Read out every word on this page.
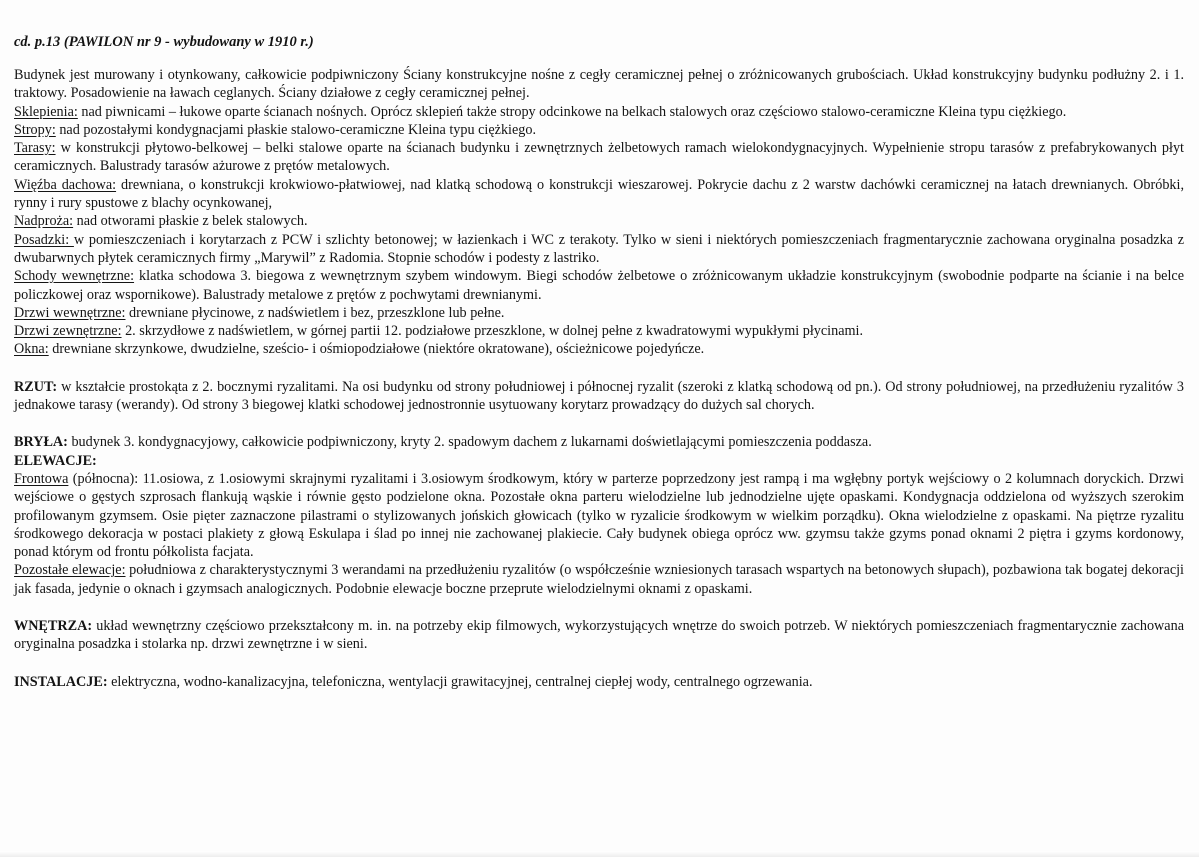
cd. p.13 (PAWILON nr 9 - wybudowany w 1910 r.)

Budynek jest murowany i otynkowany, całkowicie podpiwniczony Ściany konstrukcyjne nośne z cegły ceramicznej pełnej o zróżnicowanych grubościach. Układ konstrukcyjny budynku podłużny 2. i 1. traktowy. Posadowienie na ławach ceglanych. Ściany działowe z cegły ceramicznej pełnej.

Sklepienia: nad piwnicami – łukowe oparte ścianach nośnych. Oprócz sklepień także stropy odcinkowe na belkach stalowych oraz częściowo stalowo-ceramiczne Kleina typu ciężkiego.

Stropy: nad pozostałymi kondygnacjami płaskie stalowo-ceramiczne Kleina typu ciężkiego.

Tarasy: w konstrukcji płytowo-belkowej – belki stalowe oparte na ścianach budynku i zewnętrznych żelbetowych ramach wielokondygnacyjnych. Wypełnienie stropu tarasów z prefabrykowanych płyt ceramicznych. Balustrady tarasów ażurowe z prętów metalowych.

Więźba dachowa: drewniana, o konstrukcji krokwiowo-płatwiowej, nad klatką schodową o konstrukcji wieszarowej. Pokrycie dachu z 2 warstw dachówki ceramicznej na łatach drewnianych. Obróbki, rynny i rury spustowe z blachy ocynkowanej,

Nadproża: nad otworami płaskie z belek stalowych.

Posadzki: w pomieszczeniach i korytarzach z PCW i szlichty betonowej; w łazienkach i WC z terakoty. Tylko w sieni i niektórych pomieszczeniach fragmentarycznie zachowana oryginalna posadzka z dwubarwnych płytek ceramicznych firmy „Marywil” z Radomia. Stopnie schodów i podesty z lastriko.

Schody wewnętrzne: klatka schodowa 3. biegowa z wewnętrznym szybem windowym. Biegi schodów żelbetowe o zróżnicowanym układzie konstrukcyjnym (swobodnie podparte na ścianie i na belce policzkowej oraz wspornikowe). Balustrady metalowe z prętów z pochwytami drewnianymi.

Drzwi wewnętrzne: drewniane płycinowe, z nadświetlem i bez, przeszklone lub pełne.

Drzwi zewnętrzne: 2. skrzydłowe z nadświetlem, w górnej partii 12. podziałowe przeszklone, w dolnej pełne z kwadratowymi wypukłymi płycinami.

Okna: drewniane skrzynkowe, dwudzielne, sześcio- i ośmiopodziałowe (niektóre okratowane), ościeżnicowe pojedyńcze.

RZUT: w kształcie prostokąta z 2. bocznymi ryzalitami. Na osi budynku od strony południowej i północnej ryzalit (szeroki z klatką schodową od pn.). Od strony południowej, na przedłużeniu ryzalitów 3 jednakowe tarasy (werandy). Od strony 3 biegowej klatki schodowej jednostronnie usytuowany korytarz prowadzący do dużych sal chorych.

BRYŁA: budynek 3. kondygnacyjowy, całkowicie podpiwniczony, kryty 2. spadowym dachem z lukarnami doświetlającymi pomieszczenia poddasza.

ELEWACJE:

Frontowa (północna): 11.osiowa, z 1.osiowymi skrajnymi ryzalitami i 3.osiowym środkowym, który w parterze poprzedzony jest rampą i ma wgłębny portyk wejściowy o 2 kolumnach doryckich. Drzwi wejściowe o gęstych szprosach flankują wąskie i równie gęsto podzielone okna. Pozostałe okna parteru wielodzielne lub jednodzielne ujęte opaskami. Kondygnacja oddzielona od wyższych szerokim profilowanym gzymsem. Osie pięter zaznaczone pilastrami o stylizowanych jońskich głowicach (tylko w ryzalicie środkowym w wielkim porządku). Okna wielodzielne z opaskami. Na piętrze ryzalitu środkowego dekoracja w postaci plakiety z głową Eskulapa i ślad po innej nie zachowanej plakiecie. Cały budynek obiega oprócz ww. gzymsu także gzyms ponad oknami 2 piętra i gzyms kordonowy, ponad którym od frontu półkolista facjata.

Pozostałe elewacje: południowa z charakterystycznymi 3 werandami na przedłużeniu ryzalitów (o współcześnie wzniesionych tarasach wspartych na betonowych słupach), pozbawiona tak bogatej dekoracji jak fasada, jedynie o oknach i gzymsach analogicznych. Podobnie elewacje boczne przeprute wielodzielnymi oknami z opaskami.

WNĘTRZA: układ wewnętrzny częściowo przekształcony m. in. na potrzeby ekip filmowych, wykorzystujących wnętrze do swoich potrzeb. W niektórych pomieszczeniach fragmentarycznie zachowana oryginalna posadzka i stolarka np. drzwi zewnętrzne i w sieni.

INSTALACJE: elektryczna, wodno-kanalizacyjna, telefoniczna, wentylacji grawitacyjnej, centralnej ciepłej wody, centralnego ogrzewania.
